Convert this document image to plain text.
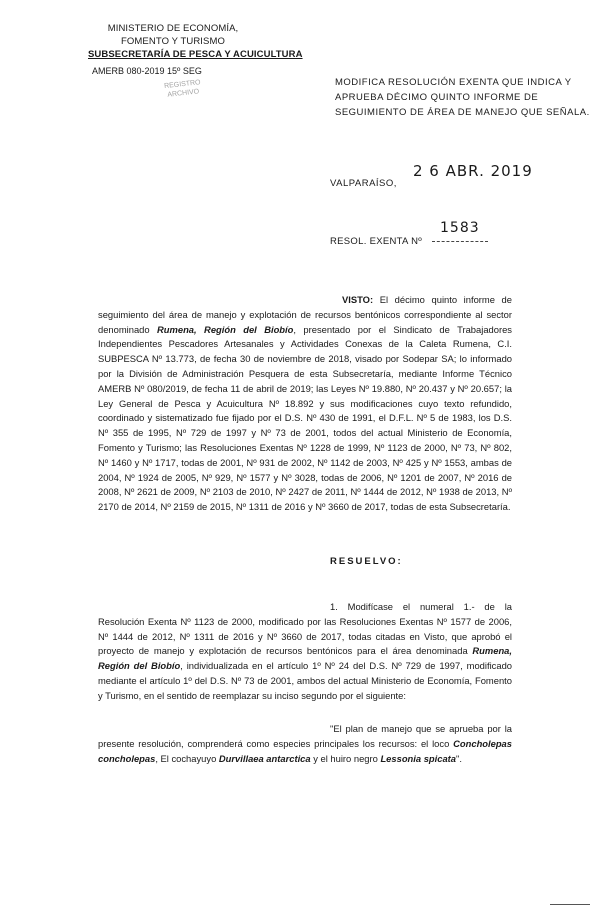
MINISTERIO DE ECONOMÍA,
FOMENTO Y TURISMO
SUBSECRETARÍA DE PESCA Y ACUICULTURA
AMERB 080-2019 15º SEG
REGISTRO
ARCHIVO
MODIFICA RESOLUCIÓN EXENTA QUE INDICA Y
APRUEBA DÉCIMO QUINTO INFORME DE
SEGUIMIENTO DE ÁREA DE MANEJO QUE SEÑALA.
2 6 ABR. 2019
VALPARAÍSO,
1583
RESOL. EXENTA Nº
VISTO: El décimo quinto informe de seguimiento del área de manejo y explotación de recursos bentónicos correspondiente al sector denominado Rumena, Región del Biobío, presentado por el Sindicato de Trabajadores Independientes Pescadores Artesanales y Actividades Conexas de la Caleta Rumena, C.I. SUBPESCA Nº 13.773, de fecha 30 de noviembre de 2018, visado por Sodepar SA; lo informado por la División de Administración Pesquera de esta Subsecretaría, mediante Informe Técnico AMERB Nº 080/2019, de fecha 11 de abril de 2019; las Leyes Nº 19.880, Nº 20.437 y Nº 20.657; la Ley General de Pesca y Acuicultura Nº 18.892 y sus modificaciones cuyo texto refundido, coordinado y sistematizado fue fijado por el D.S. Nº 430 de 1991, el D.F.L. Nº 5 de 1983, los D.S. Nº 355 de 1995, Nº 729 de 1997 y Nº 73 de 2001, todos del actual Ministerio de Economía, Fomento y Turismo; las Resoluciones Exentas Nº 1228 de 1999, Nº 1123 de 2000, Nº 73, Nº 802, Nº 1460 y Nº 1717, todas de 2001, Nº 931 de 2002, Nº 1142 de 2003, Nº 425 y Nº 1553, ambas de 2004, Nº 1924 de 2005, Nº 929, Nº 1577 y Nº 3028, todas de 2006, Nº 1201 de 2007, Nº 2016 de 2008, Nº 2621 de 2009, Nº 2103 de 2010, Nº 2427 de 2011, Nº 1444 de 2012, Nº 1938 de 2013, Nº 2170 de 2014, Nº 2159 de 2015, Nº 1311 de 2016 y Nº 3660 de 2017, todas de esta Subsecretaría.
RESUELVO:
1. Modifícase el numeral 1.- de la Resolución Exenta Nº 1123 de 2000, modificado por las Resoluciones Exentas Nº 1577 de 2006, Nº 1444 de 2012, Nº 1311 de 2016 y Nº 3660 de 2017, todas citadas en Visto, que aprobó el proyecto de manejo y explotación de recursos bentónicos para el área denominada Rumena, Región del Biobío, individualizada en el artículo 1º Nº 24 del D.S. Nº 729 de 1997, modificado mediante el artículo 1º del D.S. Nº 73 de 2001, ambos del actual Ministerio de Economía, Fomento y Turismo, en el sentido de reemplazar su inciso segundo por el siguiente:
"El plan de manejo que se aprueba por la presente resolución, comprenderá como especies principales los recursos: el loco Concholepas concholepas, El cochayuyo Durvillaea antarctica y el huiro negro Lessonia spicata".
